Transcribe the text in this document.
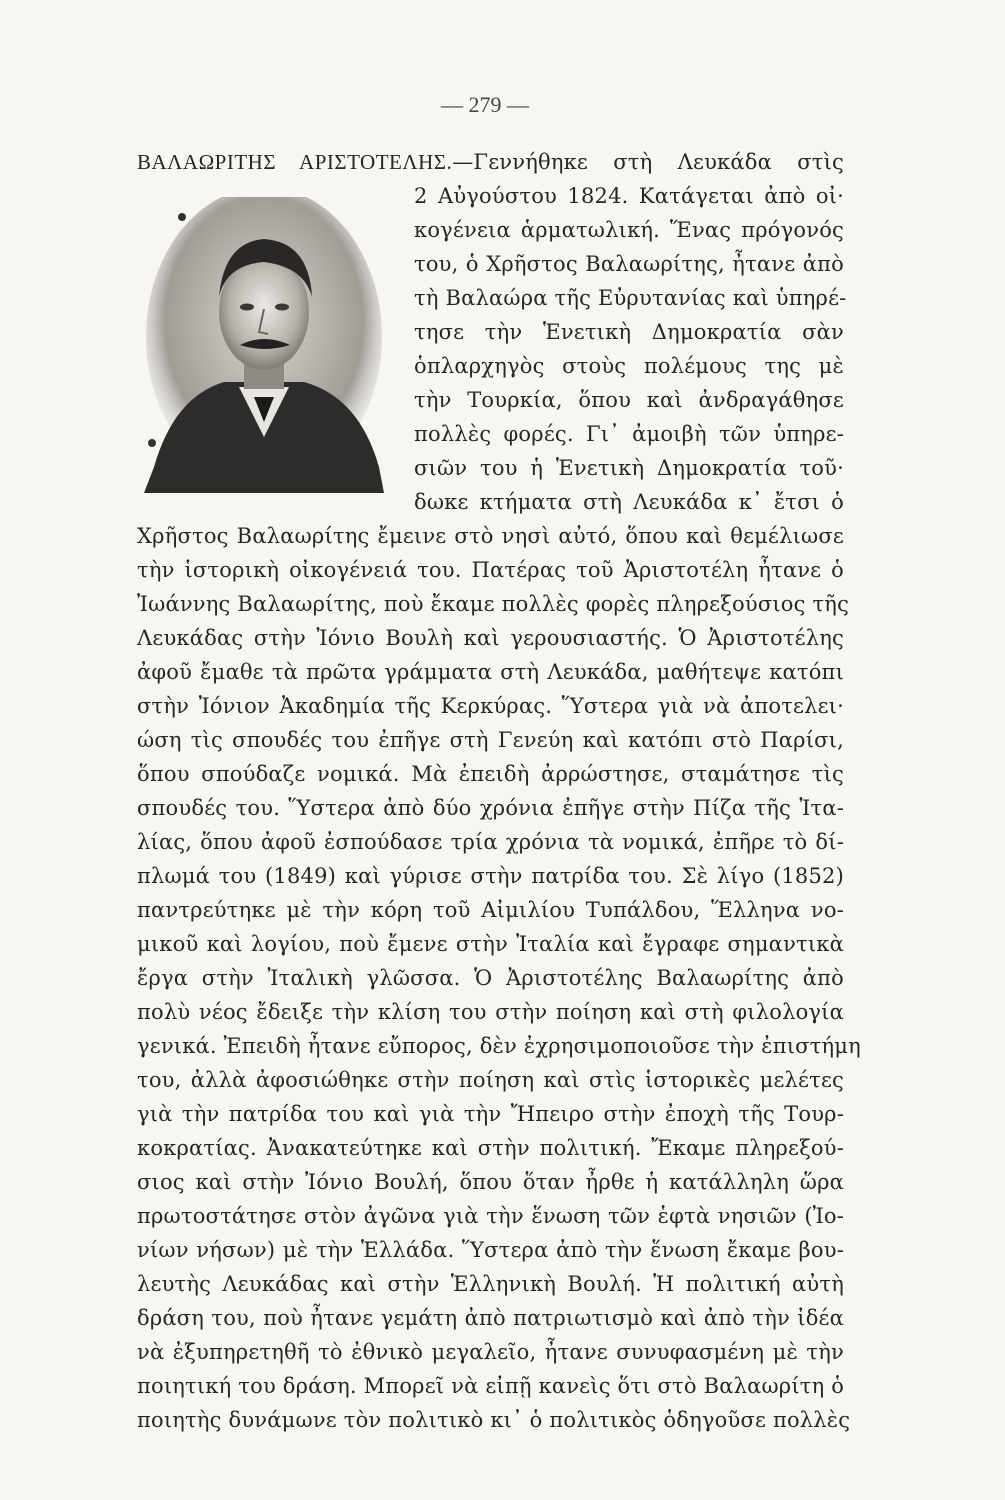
— 279 —
ΒΑΛΑΩΡΙΤΗΣ ΑΡΙΣΤΟΤΕΛΗΣ.—Γεννήθηκε στὴ Λευκάδα στὶς
2 Αὐγούστου 1824. Κατάγεται ἀπὸ οἰ·
κογένεια ἁρματωλική. Ἕνας πρόγονός
του, ὁ Χρῆστος Βαλαωρίτης, ἦτανε ἀπὸ
τὴ Βαλαώρα τῆς Εὐρυτανίας καὶ ὑπηρέ-
τησε τὴν Ἑνετικὴ Δημοκρατία σὰν
ὁπλαρχηγὸς στοὺς πολέμους της μὲ
τὴν Τουρκία, ὅπου καὶ ἀνδραγάθησε
πολλὲς φορές. Γι᾿ ἀμοιβὴ τῶν ὑπηρε-
σιῶν του ἡ Ἑνετικὴ Δημοκρατία τοῦ·
δωκε κτήματα στὴ Λευκάδα κ᾿ ἔτσι ὁ
Χρῆστος Βαλαωρίτης ἔμεινε στὸ νησὶ αὐτό, ὅπου καὶ θεμέλιωσε
τὴν ἱστορικὴ οἰκογένειά του. Πατέρας τοῦ Ἀριστοτέλη ἦτανε ὁ
Ἰωάννης Βαλαωρίτης, ποὺ ἔκαμε πολλὲς φορὲς πληρεξούσιος τῆς
Λευκάδας στὴν Ἰόνιο Βουλὴ καὶ γερουσιαστής. Ὁ Ἀριστοτέλης
ἀφοῦ ἔμαθε τὰ πρῶτα γράμματα στὴ Λευκάδα, μαθήτεψε κατόπι
στὴν Ἰόνιον Ἀκαδημία τῆς Κερκύρας. Ὕστερα γιὰ νὰ ἀποτελει·
ώση τὶς σπουδές του ἐπῆγε στὴ Γενεύη καὶ κατόπι στὸ Παρίσι,
ὅπου σπούδαζε νομικά. Μὰ ἐπειδὴ ἀρρώστησε, σταμάτησε τὶς
σπουδές του. Ὕστερα ἀπὸ δύο χρόνια ἐπῆγε στὴν Πίζα τῆς Ἰτα-
λίας, ὅπου ἀφοῦ ἐσπούδασε τρία χρόνια τὰ νομικά, ἐπῆρε τὸ δί-
πλωμά του (1849) καὶ γύρισε στὴν πατρίδα του. Σὲ λίγο (1852)
παντρεύτηκε μὲ τὴν κόρη τοῦ Αἰμιλίου Τυπάλδου, Ἕλληνα νο-
μικοῦ καὶ λογίου, ποὺ ἔμενε στὴν Ἰταλία καὶ ἔγραφε σημαντικὰ
ἔργα στὴν Ἰταλικὴ γλῶσσα. Ὁ Ἀριστοτέλης Βαλαωρίτης ἀπὸ
πολὺ νέος ἔδειξε τὴν κλίση του στὴν ποίηση καὶ στὴ φιλολογία
γενικά. Ἐπειδὴ ἦτανε εὔπορος, δὲν ἐχρησιμοποιοῦσε τὴν ἐπιστήμη
του, ἀλλὰ ἀφοσιώθηκε στὴν ποίηση καὶ στὶς ἱστορικὲς μελέτες
γιὰ τὴν πατρίδα του καὶ γιὰ τὴν Ἤπειρο στὴν ἐποχὴ τῆς Τουρ-
κοκρατίας. Ἀνακατεύτηκε καὶ στὴν πολιτική. Ἔκαμε πληρεξού-
σιος καὶ στὴν Ἰόνιο Βουλή, ὅπου ὅταν ἦρθε ἡ κατάλληλη ὥρα
πρωτοστάτησε στὸν ἀγῶνα γιὰ τὴν ἕνωση τῶν ἑφτὰ νησιῶν (Ἰο-
νίων νήσων) μὲ τὴν Ἑλλάδα. Ὕστερα ἀπὸ τὴν ἕνωση ἔκαμε βου-
λευτὴς Λευκάδας καὶ στὴν Ἑλληνικὴ Βουλή. Ἡ πολιτική αὐτὴ
δράση του, ποὺ ἦτανε γεμάτη ἀπὸ πατριωτισμὸ καὶ ἀπὸ τὴν ἰδέα
νὰ ἐξυπηρετηθῆ τὸ ἐθνικὸ μεγαλεῖο, ἦτανε συνυφασμένη μὲ τὴν
ποιητική του δράση. Μπορεῖ νὰ εἰπῇ κανεὶς ὅτι στὸ Βαλαωρίτη ὁ
ποιητὴς δυνάμωνε τὸν πολιτικὸ κι᾿ ὁ πολιτικὸς ὁδηγοῦσε πολλὲς
